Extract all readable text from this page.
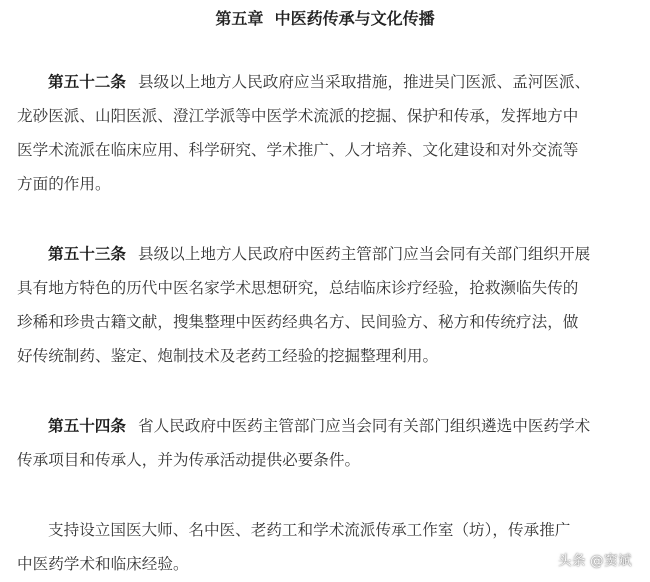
第五章  中医药传承与文化传播
第五十二条 县级以上地方人民政府应当采取措施，推进吴门医派、孟河医派、
龙砂医派、山阳医派、澄江学派等中医学术流派的挖掘、保护和传承，发挥地方中
医学术流派在临床应用、科学研究、学术推广、人才培养、文化建设和对外交流等
方面的作用。
第五十三条 县级以上地方人民政府中医药主管部门应当会同有关部门组织开展
具有地方特色的历代中医名家学术思想研究，总结临床诊疗经验，抢救濒临失传的
珍稀和珍贵古籍文献，搜集整理中医药经典名方、民间验方、秘方和传统疗法，做
好传统制药、鉴定、炮制技术及老药工经验的挖掘整理利用。
第五十四条 省人民政府中医药主管部门应当会同有关部门组织遴选中医药学术
传承项目和传承人，并为传承活动提供必要条件。
支持设立国医大师、名中医、老药工和学术流派传承工作室（坊），传承推广
中医药学术和临床经验。	头条 @窦斌
